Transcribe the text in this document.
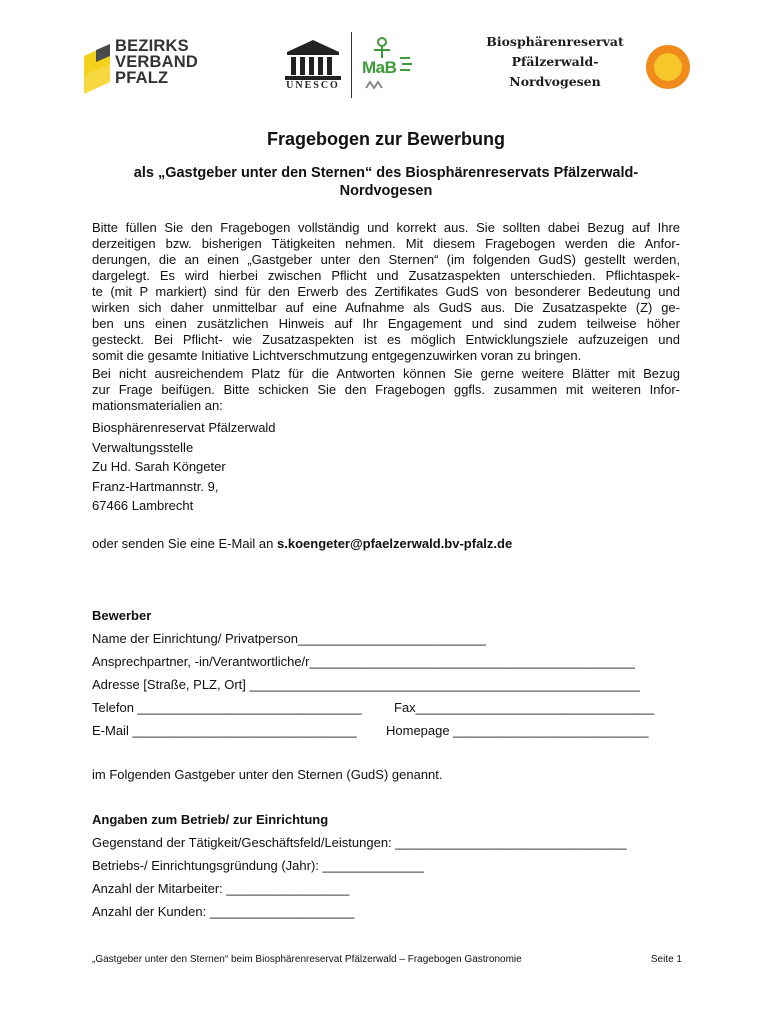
BEZIRKS
VERBAND
PFALZ	UNESCO
MaB
Biosphärenreservat
Pfälzerwald-
Nordvogesen
Fragebogen zur Bewerbung
als „Gastgeber unter den Sternen“ des Biosphärenreservats Pfälzerwald-
Nordvogesen
Bitte füllen Sie den Fragebogen vollständig und korrekt aus. Sie sollten dabei Bezug auf Ihre
derzeitigen bzw. bisherigen Tätigkeiten nehmen. Mit diesem Fragebogen werden die Anfor-
derungen, die an einen „Gastgeber unter den Sternen“ (im folgenden GudS) gestellt werden,
dargelegt. Es wird hierbei zwischen Pflicht und Zusatzaspekten unterschieden. Pflichtaspek-
te (mit P markiert) sind für den Erwerb des Zertifikates GudS von besonderer Bedeutung und
wirken sich daher unmittelbar auf eine Aufnahme als GudS aus. Die Zusatzaspekte (Z) ge-
ben uns einen zusätzlichen Hinweis auf Ihr Engagement und sind zudem teilweise höher
gesteckt. Bei Pflicht- wie Zusatzaspekten ist es möglich Entwicklungsziele aufzuzeigen und
somit die gesamte Initiative Lichtverschmutzung entgegenzuwirken voran zu bringen.
Bei nicht ausreichendem Platz für die Antworten können Sie gerne weitere Blätter mit Bezug
zur Frage beifügen. Bitte schicken Sie den Fragebogen ggfls. zusammen mit weiteren Infor-
mationsmaterialien an:
Biosphärenreservat Pfälzerwald
Verwaltungsstelle
Zu Hd. Sarah Köngeter
Franz-Hartmannstr. 9,
67466 Lambrecht
oder senden Sie eine E-Mail an s.koengeter@pfaelzerwald.bv-pfalz.de
Bewerber
Name der Einrichtung/ Privatperson__________________________
Ansprechpartner, -in/Verantwortliche/r_____________________________________________
Adresse [Straße, PLZ, Ort] ______________________________________________________
Telefon _______________________________ Fax_________________________________
E-Mail _______________________________ Homepage ___________________________
im Folgenden Gastgeber unter den Sternen (GudS) genannt.
Angaben zum Betrieb/ zur Einrichtung
Gegenstand der Tätigkeit/Geschäftsfeld/Leistungen: ________________________________
Betriebs-/ Einrichtungsgründung (Jahr): ______________
Anzahl der Mitarbeiter: _________________
Anzahl der Kunden: ____________________
„Gastgeber unter den Sternen“ beim Biosphärenreservat Pfälzerwald – Fragebogen Gastronomie	Seite 1
